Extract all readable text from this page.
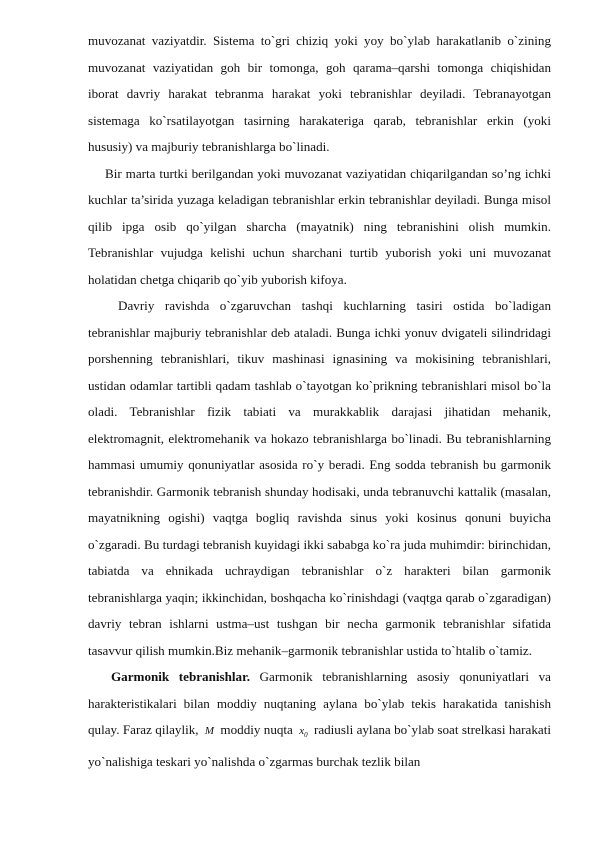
muvozanat vaziyatdir. Sistema to`gri chiziq yoki yoy bo`ylab harakatlanib o`zining muvozanat vaziyatidan goh bir tomonga, goh qarama–qarshi tomonga chiqishidan iborat davriy harakat tebranma harakat yoki tebranishlar deyiladi. Tebranayotgan sistemaga ko`rsatilayotgan tasirning harakateriga qarab, tebranishlar erkin (yoki hususiy) va majburiy tebranishlarga bo`linadi.

Bir marta turtki berilgandan yoki muvozanat vaziyatidan chiqarilgandan so’ng ichki kuchlar ta’sirida yuzaga keladigan tebranishlar erkin tebranishlar deyiladi. Bunga misol qilib ipga osib qo`yilgan sharcha (mayatnik) ning tebranishini olish mumkin. Tebranishlar vujudga kelishi uchun sharchani turtib yuborish yoki uni muvozanat holatidan chetga chiqarib qo`yib yuborish kifoya.

Davriy ravishda o`zgaruvchan tashqi kuchlarning tasiri ostida bo`ladigan tebranishlar majburiy tebranishlar deb ataladi. Bunga ichki yonuv dvigateli silindridagi porshenning tebranishlari, tikuv mashinasi ignasining va mokisining tebranishlari, ustidan odamlar tartibli qadam tashlab o`tayotgan ko`prikning tebranishlari misol bo`la oladi. Tebranishlar fizik tabiati va murakkablik darajasi jihatidan mehanik, elektromagnit, elektromehanik va hokazo tebranishlarga bo`linadi. Bu tebranishlarning hammasi umumiy qonuniyatlar asosida ro`y beradi. Eng sodda tebranish bu garmonik tebranishdir. Garmonik tebranish shunday hodisaki, unda tebranuvchi kattalik (masalan, mayatnikning ogishi) vaqtga bogliq ravishda sinus yoki kosinus qonuni buyicha o`zgaradi. Bu turdagi tebranish kuyidagi ikki sababga ko`ra juda muhimdir: birinchidan, tabiatda va ehnikada uchraydigan tebranishlar o`z harakteri bilan garmonik tebranishlarga yaqin; ikkinchidan, boshqacha ko`rinishdagi (vaqtga qarab o`zgaradigan) davriy tebran ishlarni ustma–ust tushgan bir necha garmonik tebranishlar sifatida tasavvur qilish mumkin.Biz mehanik–garmonik tebranishlar ustida to`htalib o`tamiz.

Garmonik tebranishlar. Garmonik tebranishlarning asosiy qonuniyatlari va harakteristikalari bilan moddiy nuqtaning aylana bo`ylab tekis harakatida tanishish qulay. Faraz qilaylik, M moddiy nuqta $x_0$ radiusli aylana bo`ylab soat strelkasi harakati yo`nalishiga teskari yo`nalishda o`zgarmas burchak tezlik bilan
